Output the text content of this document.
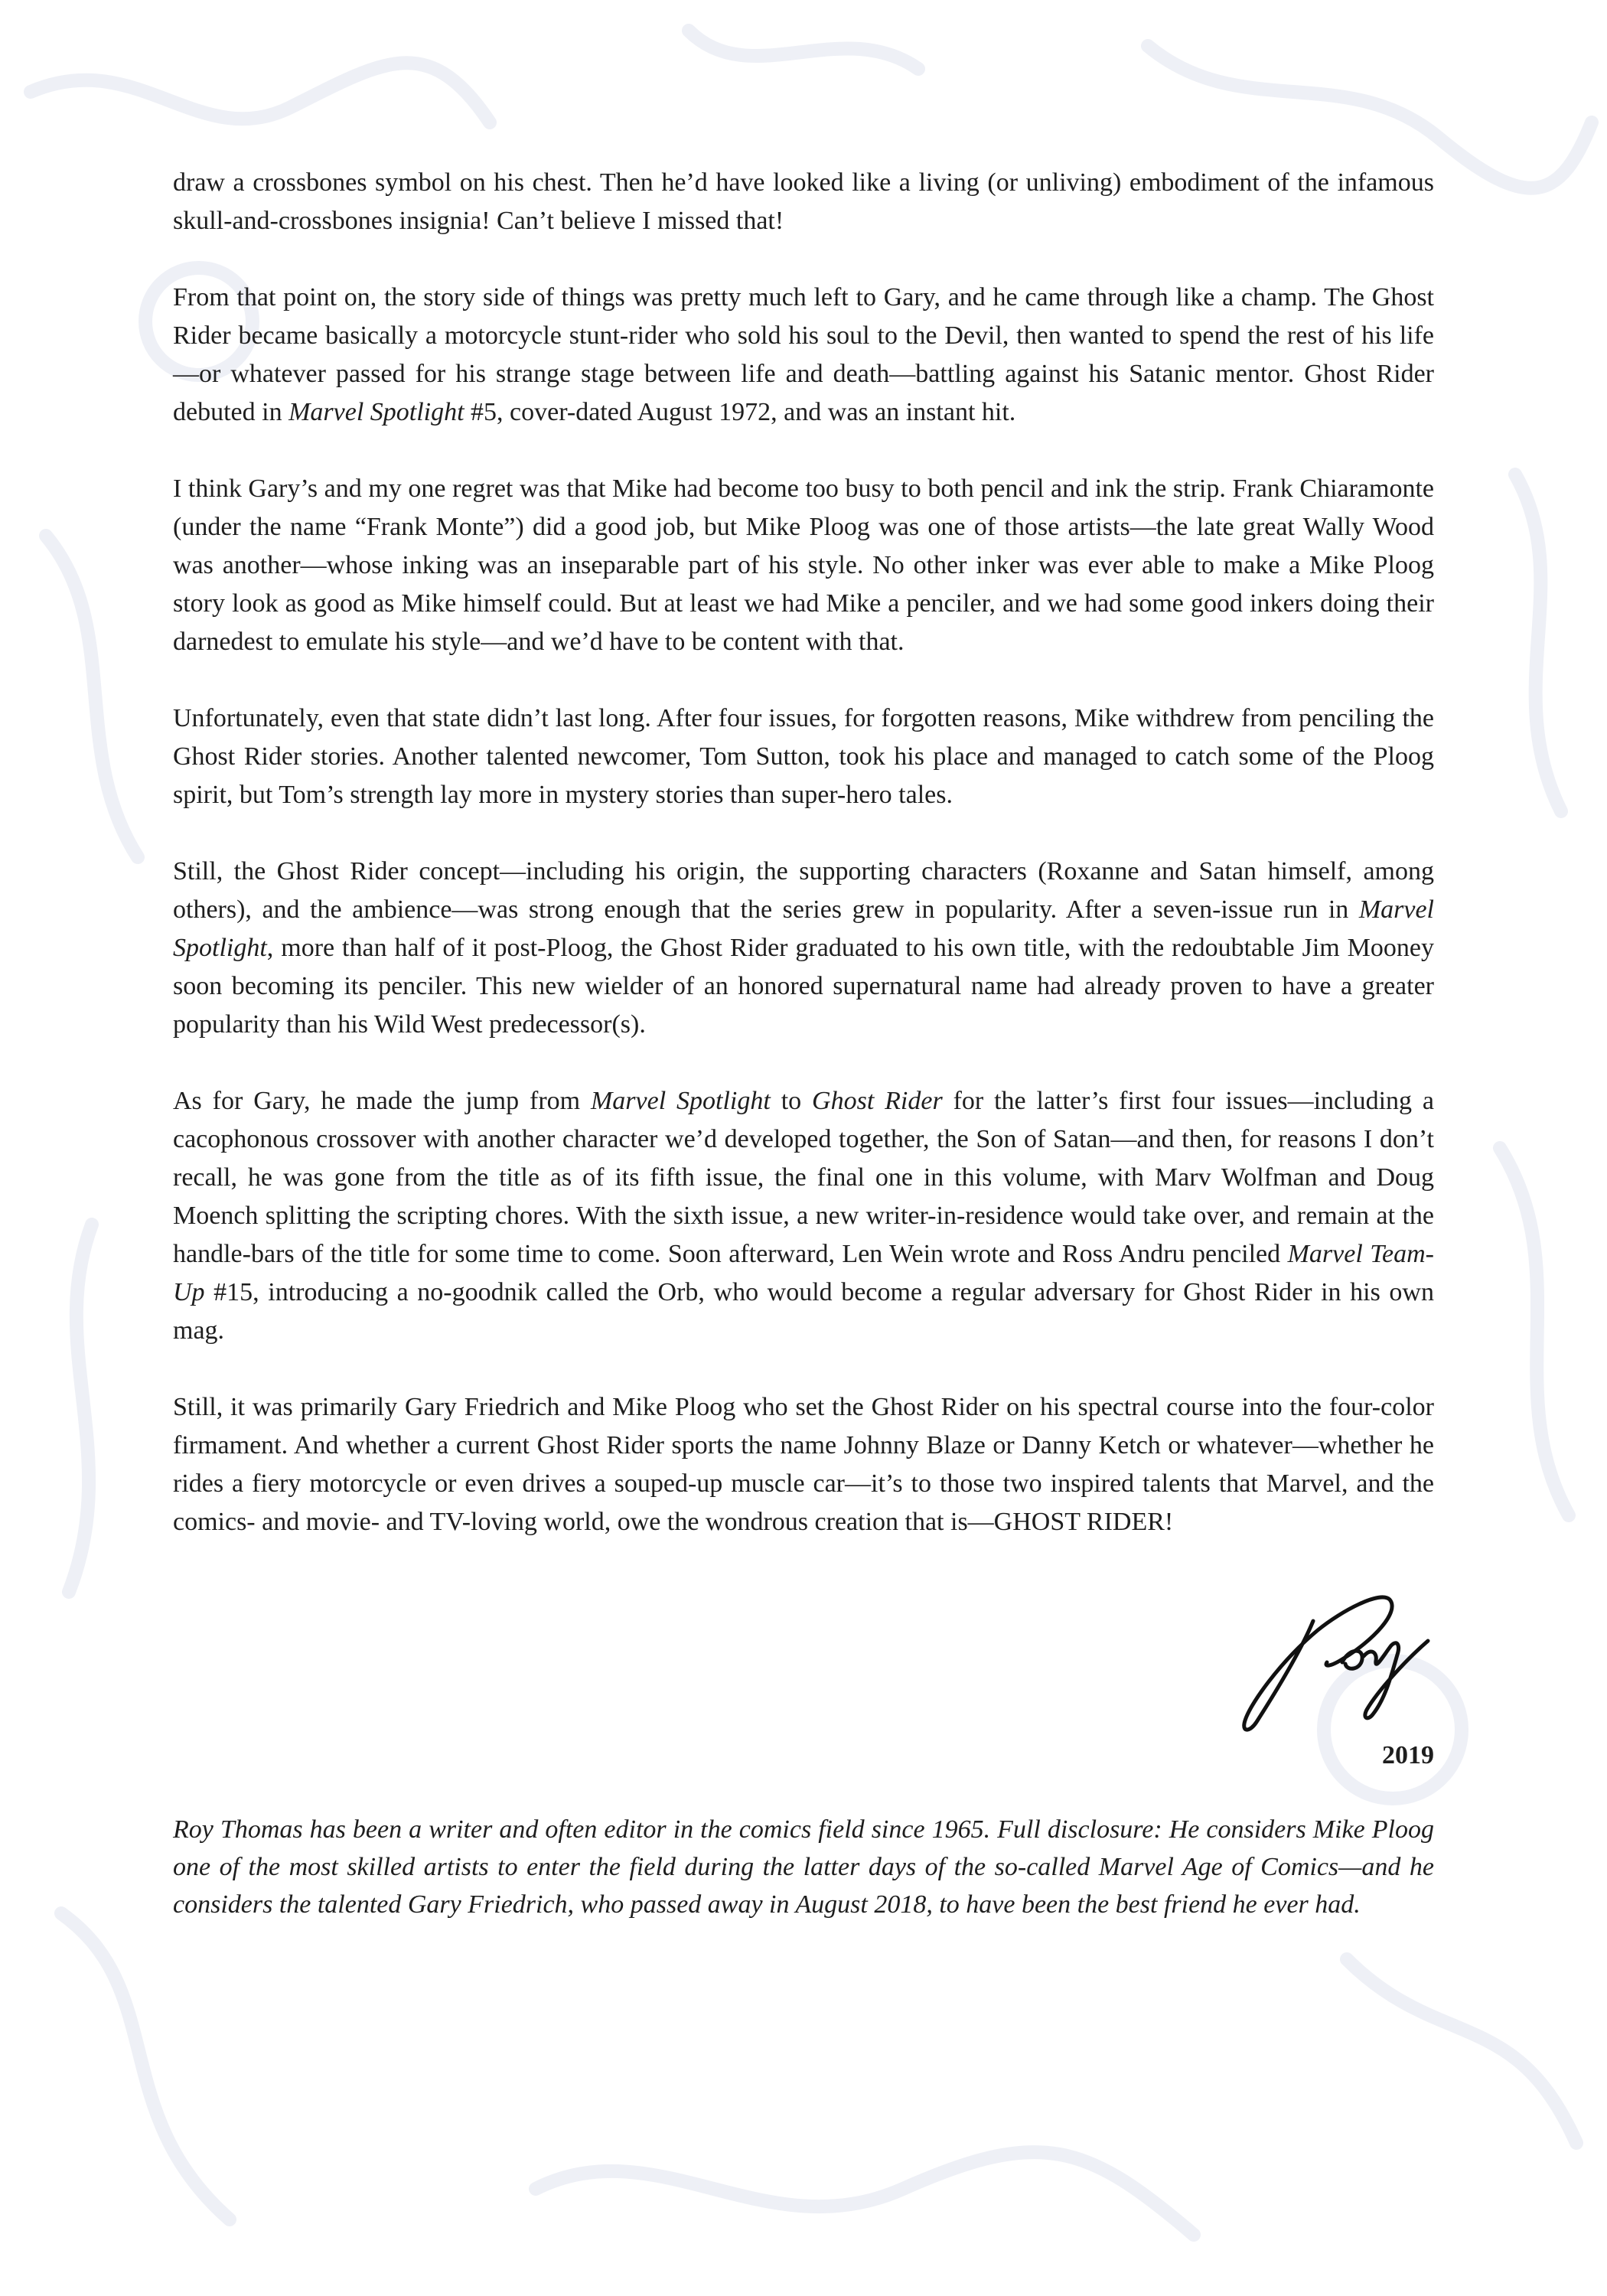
draw a crossbones symbol on his chest. Then he’d have looked like a living (or unliving) embodiment of the infamous skull-and-crossbones insignia! Can’t believe I missed that!

From that point on, the story side of things was pretty much left to Gary, and he came through like a champ. The Ghost Rider became basically a motorcycle stunt-rider who sold his soul to the Devil, then wanted to spend the rest of his life—or whatever passed for his strange stage between life and death—battling against his Satanic mentor. Ghost Rider debuted in Marvel Spotlight #5, cover-dated August 1972, and was an instant hit.

I think Gary’s and my one regret was that Mike had become too busy to both pencil and ink the strip. Frank Chiaramonte (under the name “Frank Monte”) did a good job, but Mike Ploog was one of those artists—the late great Wally Wood was another—whose inking was an inseparable part of his style. No other inker was ever able to make a Mike Ploog story look as good as Mike himself could. But at least we had Mike a penciler, and we had some good inkers doing their darnedest to emulate his style—and we’d have to be content with that.

Unfortunately, even that state didn’t last long. After four issues, for forgotten reasons, Mike withdrew from penciling the Ghost Rider stories. Another talented newcomer, Tom Sutton, took his place and managed to catch some of the Ploog spirit, but Tom’s strength lay more in mystery stories than super-hero tales.

Still, the Ghost Rider concept—including his origin, the supporting characters (Roxanne and Satan himself, among others), and the ambience—was strong enough that the series grew in popularity. After a seven-issue run in Marvel Spotlight, more than half of it post-Ploog, the Ghost Rider graduated to his own title, with the redoubtable Jim Mooney soon becoming its penciler. This new wielder of an honored supernatural name had already proven to have a greater popularity than his Wild West predecessor(s).

As for Gary, he made the jump from Marvel Spotlight to Ghost Rider for the latter’s first four issues—including a cacophonous crossover with another character we’d developed together, the Son of Satan—and then, for reasons I don’t recall, he was gone from the title as of its fifth issue, the final one in this volume, with Marv Wolfman and Doug Moench splitting the scripting chores. With the sixth issue, a new writer-in-residence would take over, and remain at the handle-bars of the title for some time to come. Soon afterward, Len Wein wrote and Ross Andru penciled Marvel Team-Up #15, introducing a no-goodnik called the Orb, who would become a regular adversary for Ghost Rider in his own mag.

Still, it was primarily Gary Friedrich and Mike Ploog who set the Ghost Rider on his spectral course into the four-color firmament. And whether a current Ghost Rider sports the name Johnny Blaze or Danny Ketch or whatever—whether he rides a fiery motorcycle or even drives a souped-up muscle car—it’s to those two inspired talents that Marvel, and the comics- and movie- and TV-loving world, owe the wondrous creation that is—GHOST RIDER!

2019

Roy Thomas has been a writer and often editor in the comics field since 1965. Full disclosure: He considers Mike Ploog one of the most skilled artists to enter the field during the latter days of the so-called Marvel Age of Comics—and he considers the talented Gary Friedrich, who passed away in August 2018, to have been the best friend he ever had.
